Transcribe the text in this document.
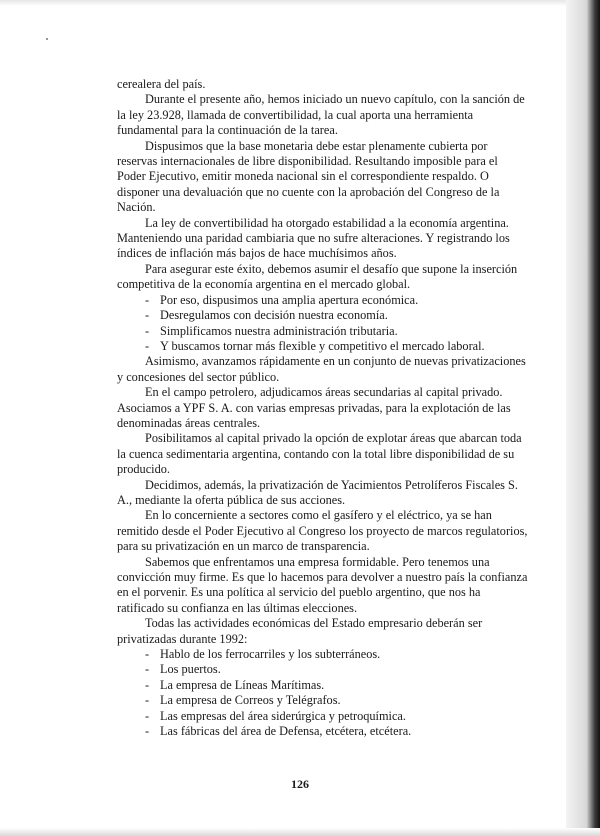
cerealera del país.

Durante el presente año, hemos iniciado un nuevo capítulo, con la sanción de la ley 23.928, llamada de convertibilidad, la cual aporta una herramienta fundamental para la continuación de la tarea.

Dispusimos que la base monetaria debe estar plenamente cubierta por reservas internacionales de libre disponibilidad. Resultando imposible para el Poder Ejecutivo, emitir moneda nacional sin el correspondiente respaldo. O disponer una devaluación que no cuente con la aprobación del Congreso de la Nación.

La ley de convertibilidad ha otorgado estabilidad a la economía argentina. Manteniendo una paridad cambiaria que no sufre alteraciones. Y registrando los índices de inflación más bajos de hace muchísimos años.

Para asegurar este éxito, debemos asumir el desafío que supone la inserción competitiva de la economía argentina en el mercado global.

- Por eso, dispusimos una amplia apertura económica.
- Desregulamos con decisión nuestra economía.
- Simplificamos nuestra administración tributaria.
- Y buscamos tornar más flexible y competitivo el mercado laboral.

Asimismo, avanzamos rápidamente en un conjunto de nuevas privatizaciones y concesiones del sector público.

En el campo petrolero, adjudicamos áreas secundarias al capital privado. Asociamos a YPF S. A. con varias empresas privadas, para la explotación de las denominadas áreas centrales.

Posibilitamos al capital privado la opción de explotar áreas que abarcan toda la cuenca sedimentaria argentina, contando con la total libre disponibilidad de su producido.

Decidimos, además, la privatización de Yacimientos Petrolíferos Fiscales S. A., mediante la oferta pública de sus acciones.

En lo concerniente a sectores como el gasífero y el eléctrico, ya se han remitido desde el Poder Ejecutivo al Congreso los proyecto de marcos regulatorios, para su privatización en un marco de transparencia.

Sabemos que enfrentamos una empresa formidable. Pero tenemos una convicción muy firme. Es que lo hacemos para devolver a nuestro país la confianza en el porvenir. Es una política al servicio del pueblo argentino, que nos ha ratificado su confianza en las últimas elecciones.

Todas las actividades económicas del Estado empresario deberán ser privatizadas durante 1992:

- Hablo de los ferrocarriles y los subterráneos.
- Los puertos.
- La empresa de Líneas Marítimas.
- La empresa de Correos y Telégrafos.
- Las empresas del área siderúrgica y petroquímica.
- Las fábricas del área de Defensa, etcétera, etcétera.
126
